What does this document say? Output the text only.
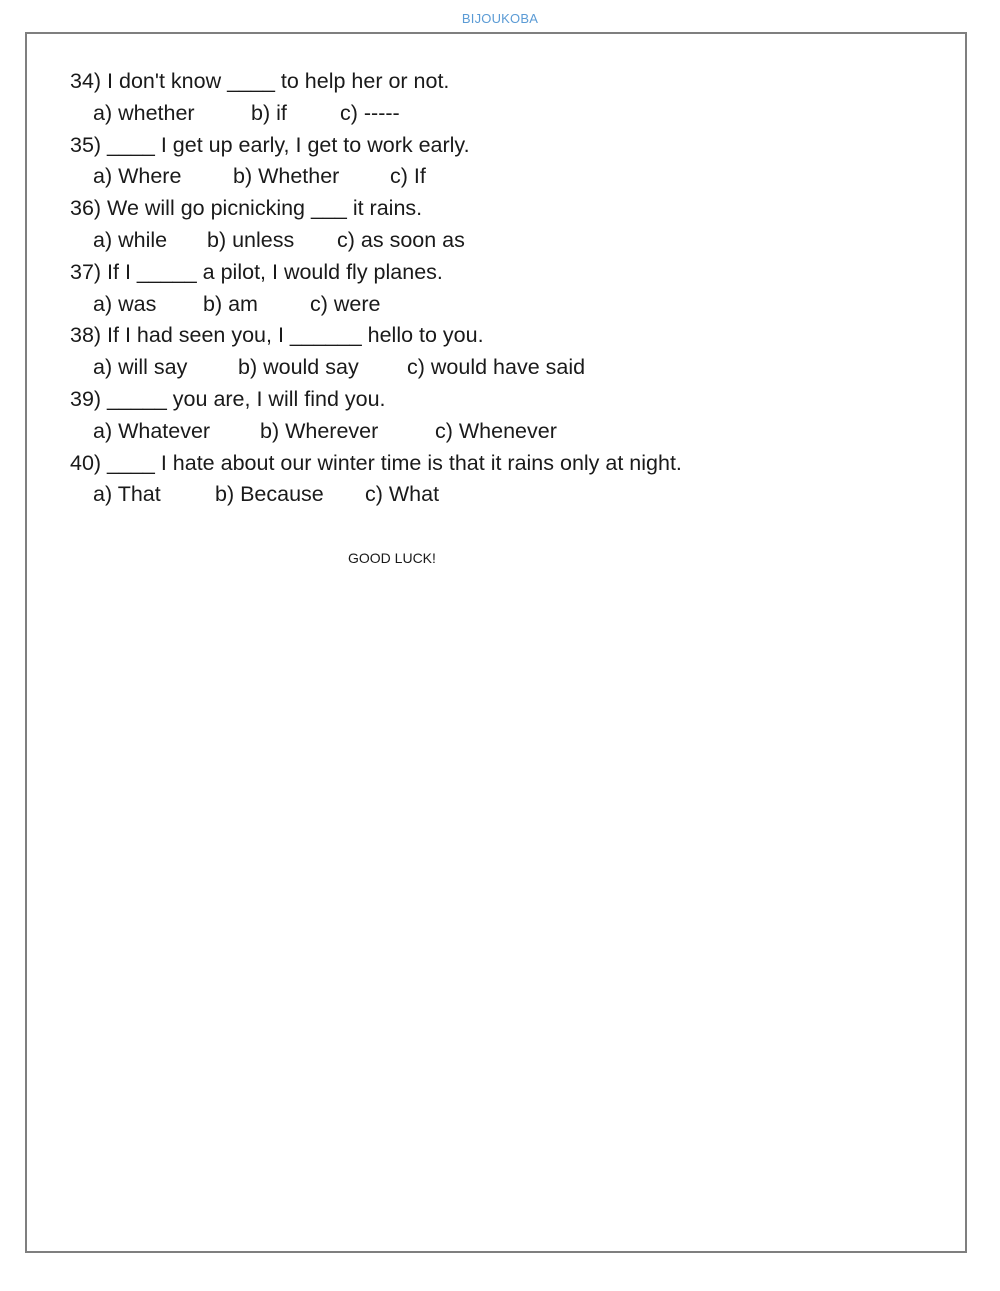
BIJOUKOBA
34) I don't know ____ to help her or not.
a) whether	b) if c) -----
35) ____ I get up early, I get to work early.
a) Where b) Whether c) If
36) We will go picnicking ___ it rains.
a) while b) unless c) as soon as
37) If I _____ a pilot, I would fly planes.
a) was b) am c) were
38) If I had seen you, I ______ hello to you.
a) will say b) would say c) would have said
39) _____ you are, I will find you.
a) Whatever b) Wherever	c) Whenever
40) ____ I hate about our winter time is that it rains only at night.
a) That	b) Because c) What
GOOD LUCK!
